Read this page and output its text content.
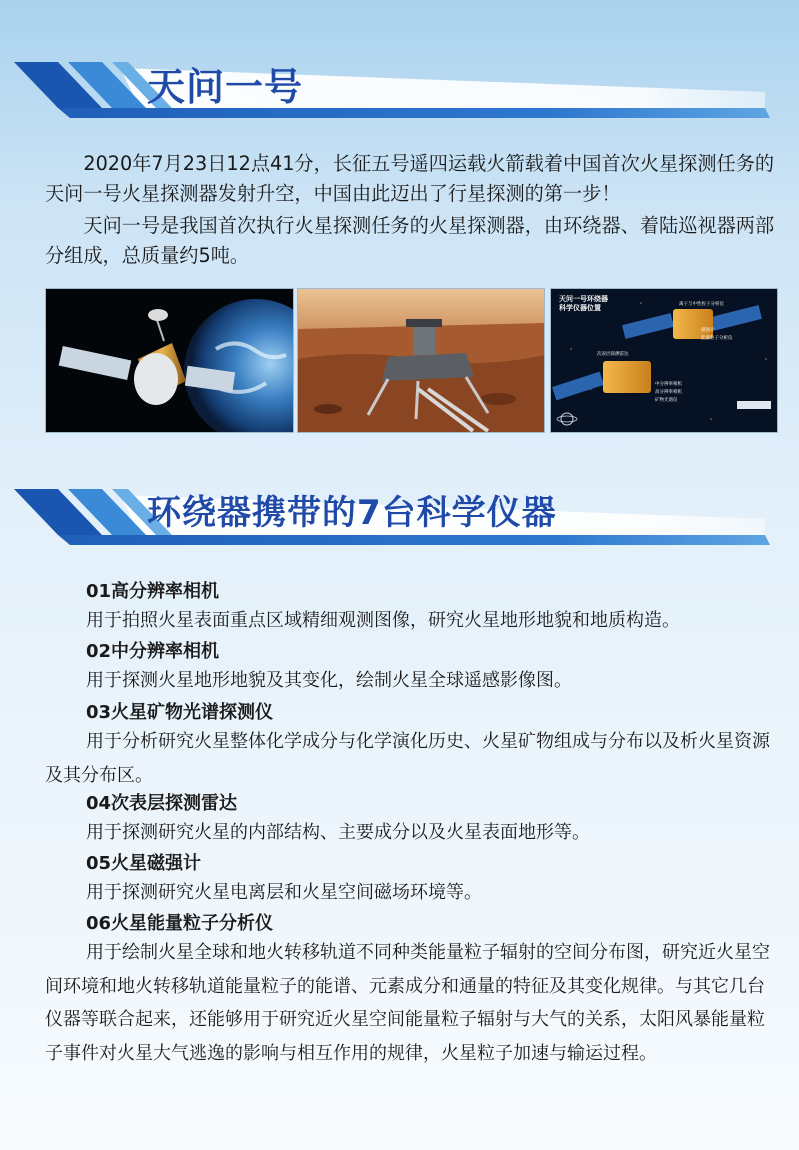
天问一号

2020年7月23日12点41分，长征五号遥四运载火箭载着中国首次火星探测任务的天问一号火星探测器发射升空，中国由此迈出了行星探测的第一步！

天问一号是我国首次执行火星探测任务的火星探测器，由环绕器、着陆巡视器两部分组成，总质量约5吨。

天问一号环绕器
科学仪器位置	离子与中性粒子分析仪
磁强计
能量粒子分析仪
次表层探测雷达
中分辨率相机
高分辨率相机
矿物光谱仪
环绕器携带的7台科学仪器
01高分辨率相机

用于拍照火星表面重点区域精细观测图像，研究火星地形地貌和地质构造。

02中分辨率相机

用于探测火星地形地貌及其变化，绘制火星全球遥感影像图。

03火星矿物光谱探测仪

用于分析研究火星整体化学成分与化学演化历史、火星矿物组成与分布以及析火星资源及其分布区。

04次表层探测雷达

用于探测研究火星的内部结构、主要成分以及火星表面地形等。

05火星磁强计

用于探测研究火星电离层和火星空间磁场环境等。

06火星能量粒子分析仪

用于绘制火星全球和地火转移轨道不同种类能量粒子辐射的空间分布图，研究近火星空间环境和地火转移轨道能量粒子的能谱、元素成分和通量的特征及其变化规律。与其它几台仪器等联合起来，还能够用于研究近火星空间能量粒子辐射与大气的关系，太阳风暴能量粒子事件对火星大气逃逸的影响与相互作用的规律，火星粒子加速与输运过程。
